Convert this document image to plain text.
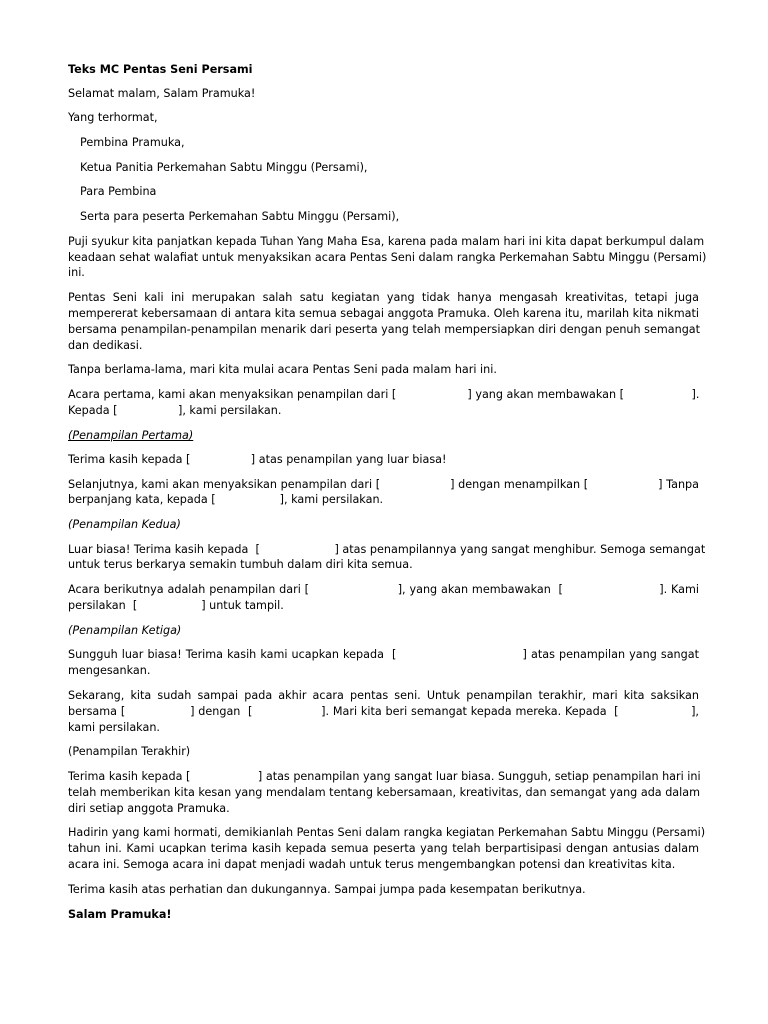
Teks MC Pentas Seni Persami
Selamat malam, Salam Pramuka!
Yang terhormat,
Pembina Pramuka,
Ketua Panitia Perkemahan Sabtu Minggu (Persami),
Para Pembina
Serta para peserta Perkemahan Sabtu Minggu (Persami),
Puji syukur kita panjatkan kepada Tuhan Yang Maha Esa, karena pada malam hari ini kita dapat berkumpul dalam
keadaan sehat walafiat untuk menyaksikan acara Pentas Seni dalam rangka Perkemahan Sabtu Minggu (Persami)
ini.
Pentas Seni kali ini merupakan salah satu kegiatan yang tidak hanya mengasah kreativitas, tetapi juga
mempererat kebersamaan di antara kita semua sebagai anggota Pramuka. Oleh karena itu, marilah kita nikmati
bersama penampilan-penampilan menarik dari peserta yang telah mempersiapkan diri dengan penuh semangat
dan dedikasi.
Tanpa berlama-lama, mari kita mulai acara Pentas Seni pada malam hari ini.
Acara pertama, kami akan menyaksikan penampilan dari [                    ] yang akan membawakan [                   ].
Kepada [                 ], kami persilakan.
(Penampilan Pertama)
Terima kasih kepada [                 ] atas penampilan yang luar biasa!
Selanjutnya, kami akan menyaksikan penampilan dari [                   ] dengan menampilkan [                   ] Tanpa
berpanjang kata, kepada [                  ], kami persilakan.
(Penampilan Kedua)
Luar biasa! Terima kasih kepada  [                     ] atas penampilannya yang sangat menghibur. Semoga semangat
untuk terus berkarya semakin tumbuh dalam diri kita semua.
Acara berikutnya adalah penampilan dari [                       ], yang akan membawakan  [                         ]. Kami
persilakan  [                  ] untuk tampil.
(Penampilan Ketiga)
Sungguh luar biasa! Terima kasih kami ucapkan kepada  [                               ] atas penampilan yang sangat
mengesankan.
Sekarang, kita sudah sampai pada akhir acara pentas seni. Untuk penampilan terakhir, mari kita saksikan
bersama [                 ] dengan  [                  ]. Mari kita beri semangat kepada mereka. Kepada  [                   ],
kami persilakan.
(Penampilan Terakhir)
Terima kasih kepada [                   ] atas penampilan yang sangat luar biasa. Sungguh, setiap penampilan hari ini
telah memberikan kita kesan yang mendalam tentang kebersamaan, kreativitas, dan semangat yang ada dalam
diri setiap anggota Pramuka.
Hadirin yang kami hormati, demikianlah Pentas Seni dalam rangka kegiatan Perkemahan Sabtu Minggu (Persami)
tahun ini. Kami ucapkan terima kasih kepada semua peserta yang telah berpartisipasi dengan antusias dalam
acara ini. Semoga acara ini dapat menjadi wadah untuk terus mengembangkan potensi dan kreativitas kita.
Terima kasih atas perhatian dan dukungannya. Sampai jumpa pada kesempatan berikutnya.
Salam Pramuka!
